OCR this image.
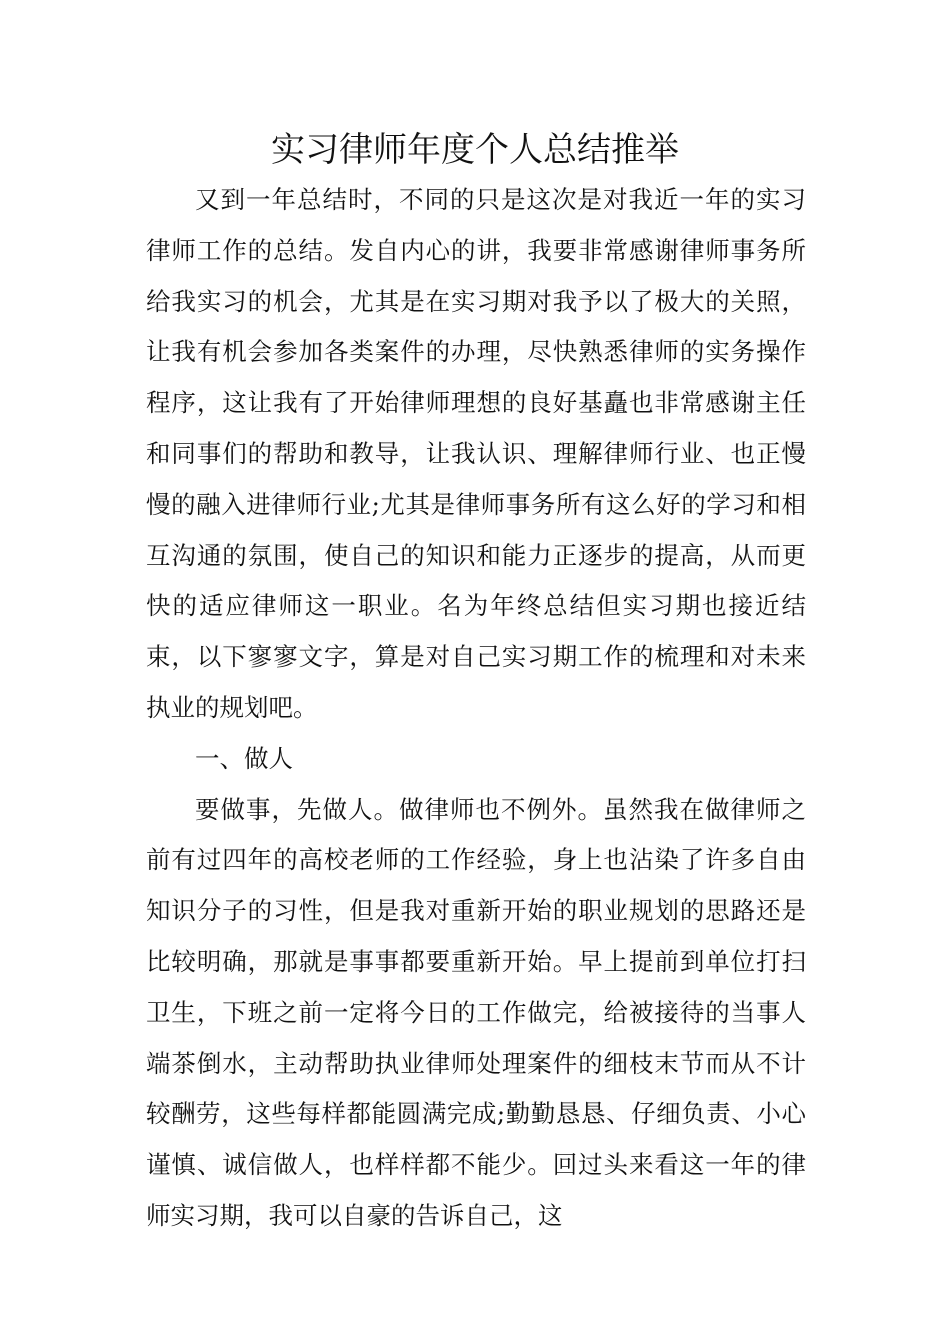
实习律师年度个人总结推举

又到一年总结时，不同的只是这次是对我近一年的实习律师工作的总结。发自内心的讲，我要非常感谢律师事务所给我实习的机会，尤其是在实习期对我予以了极大的关照，让我有机会参加各类案件的办理，尽快熟悉律师的实务操作程序，这让我有了开始律师理想的良好基矗也非常感谢主任和同事们的帮助和教导，让我认识、理解律师行业、也正慢慢的融入进律师行业;尤其是律师事务所有这么好的学习和相互沟通的氛围，使自己的知识和能力正逐步的提高，从而更快的适应律师这一职业。名为年终总结但实习期也接近结束，以下寥寥文字，算是对自己实习期工作的梳理和对未来执业的规划吧。

一、做人

要做事，先做人。做律师也不例外。虽然我在做律师之前有过四年的高校老师的工作经验，身上也沾染了许多自由知识分子的习性，但是我对重新开始的职业规划的思路还是比较明确，那就是事事都要重新开始。早上提前到单位打扫卫生，下班之前一定将今日的工作做完，给被接待的当事人端茶倒水，主动帮助执业律师处理案件的细枝末节而从不计较酬劳，这些每样都能圆满完成;勤勤恳恳、仔细负责、小心谨慎、诚信做人，也样样都不能少。回过头来看这一年的律师实习期，我可以自豪的告诉自己，这
